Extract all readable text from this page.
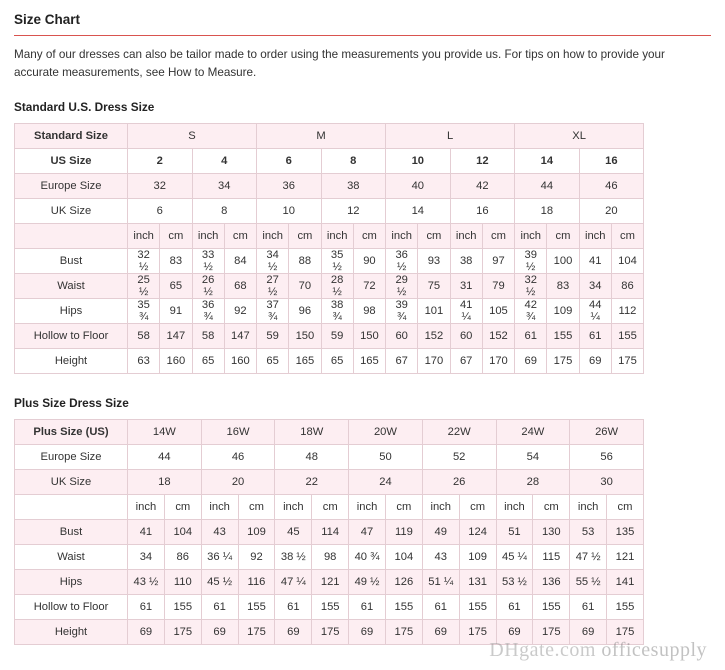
Size Chart
Many of our dresses can also be tailor made to order using the measurements you provide us. For tips on how to provide your accurate measurements, see How to Measure.
Standard U.S. Dress Size
Standard Size	S				M				L				XL			
US Size	2		4		6		8		10		12		14		16	
Europe Size	32		34		36		38		40		42		44		46	
UK Size	6		8		10		12		14		16		18		20	
	inch	cm	inch	cm	inch	cm	inch	cm	inch	cm	inch	cm	inch	cm	inch	cm
Bust	32 ½	83	33 ½	84	34 ½	88	35 ½	90	36 ½	93	38	97	39 ½	100	41	104
Waist	25 ½	65	26 ½	68	27 ½	70	28 ½	72	29 ½	75	31	79	32 ½	83	34	86
Hips	35 ¾	91	36 ¾	92	37 ¾	96	38 ¾	98	39 ¾	101	41 ¼	105	42 ¾	109	44 ¼	112
Hollow to Floor	58	147	58	147	59	150	59	150	60	152	60	152	61	155	61	155
Height	63	160	65	160	65	165	65	165	67	170	67	170	69	175	69	175
Plus Size Dress Size
Plus Size (US)	14W		16W		18W		20W		22W		24W		26W	
Europe Size	44		46		48		50		52		54		56	
UK Size	18		20		22		24		26		28		30	
	inch	cm	inch	cm	inch	cm	inch	cm	inch	cm	inch	cm	inch	cm
Bust	41	104	43	109	45	114	47	119	49	124	51	130	53	135
Waist	34	86	36 ¼	92	38 ½	98	40 ¾	104	43	109	45 ¼	115	47 ½	121
Hips	43 ½	110	45 ½	116	47 ¼	121	49 ½	126	51 ¼	131	53 ½	136	55 ½	141
Hollow to Floor	61	155	61	155	61	155	61	155	61	155	61	155	61	155
Height	69	175	69	175	69	175	69	175	69	175	69	175	69	175
DHgate.com officesupply
